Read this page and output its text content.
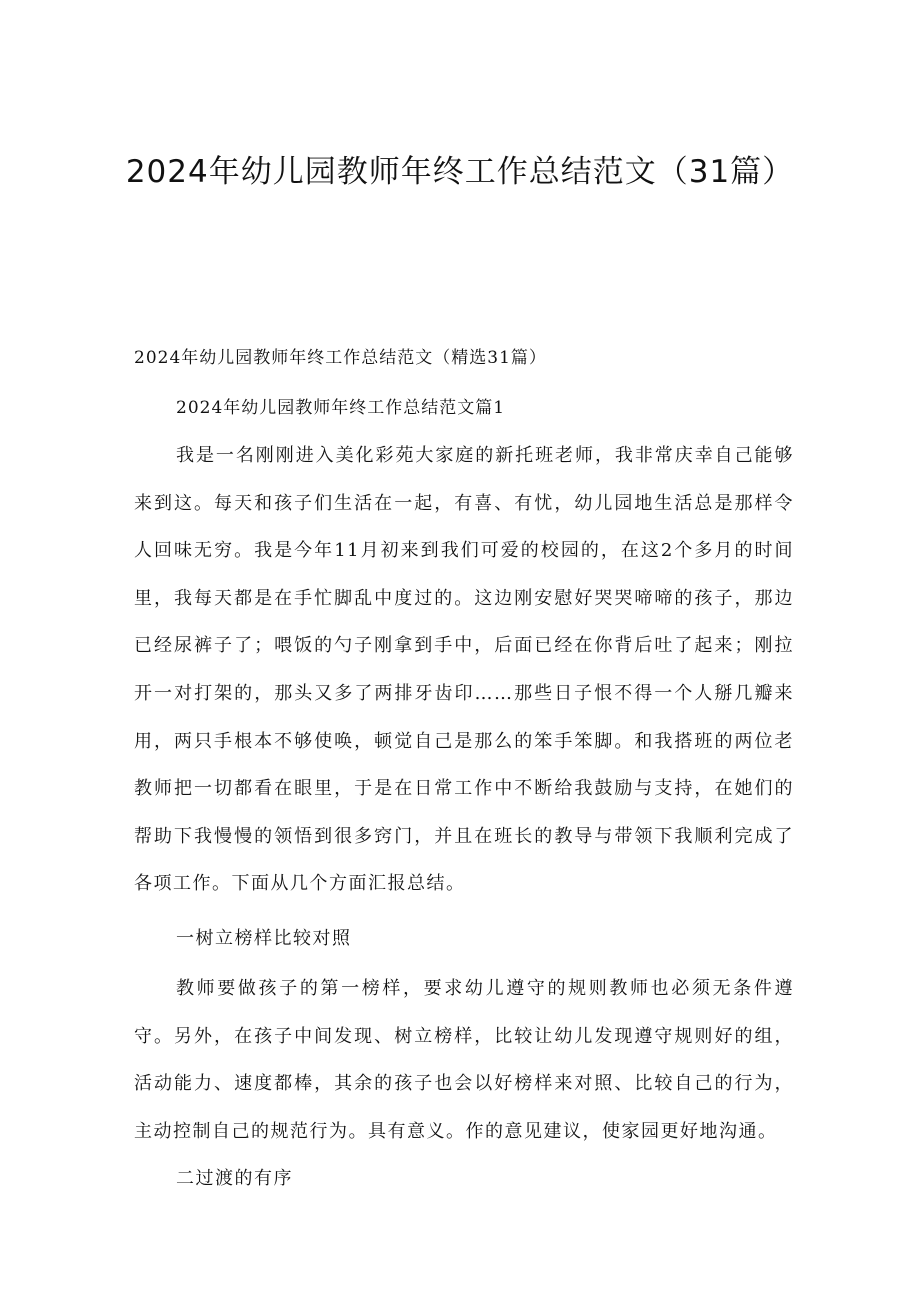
2024年幼儿园教师年终工作总结范文（31篇）
2024年幼儿园教师年终工作总结范文（精选31篇）
2024年幼儿园教师年终工作总结范文篇1

我是一名刚刚进入美化彩苑大家庭的新托班老师，我非常庆幸自己能够来到这。每天和孩子们生活在一起，有喜、有忧，幼儿园地生活总是那样令人回味无穷。我是今年11月初来到我们可爱的校园的，在这2个多月的时间里，我每天都是在手忙脚乱中度过的。这边刚安慰好哭哭啼啼的孩子，那边已经尿裤子了；喂饭的勺子刚拿到手中，后面已经在你背后吐了起来；刚拉开一对打架的，那头又多了两排牙齿印……那些日子恨不得一个人掰几瓣来用，两只手根本不够使唤，顿觉自己是那么的笨手笨脚。和我搭班的两位老教师把一切都看在眼里，于是在日常工作中不断给我鼓励与支持，在她们的帮助下我慢慢的领悟到很多窍门，并且在班长的教导与带领下我顺利完成了各项工作。下面从几个方面汇报总结。

一树立榜样比较对照

教师要做孩子的第一榜样，要求幼儿遵守的规则教师也必须无条件遵守。另外，在孩子中间发现、树立榜样，比较让幼儿发现遵守规则好的组，活动能力、速度都棒，其余的孩子也会以好榜样来对照、比较自己的行为，主动控制自己的规范行为。具有意义。作的意见建议，使家园更好地沟通。

二过渡的有序
